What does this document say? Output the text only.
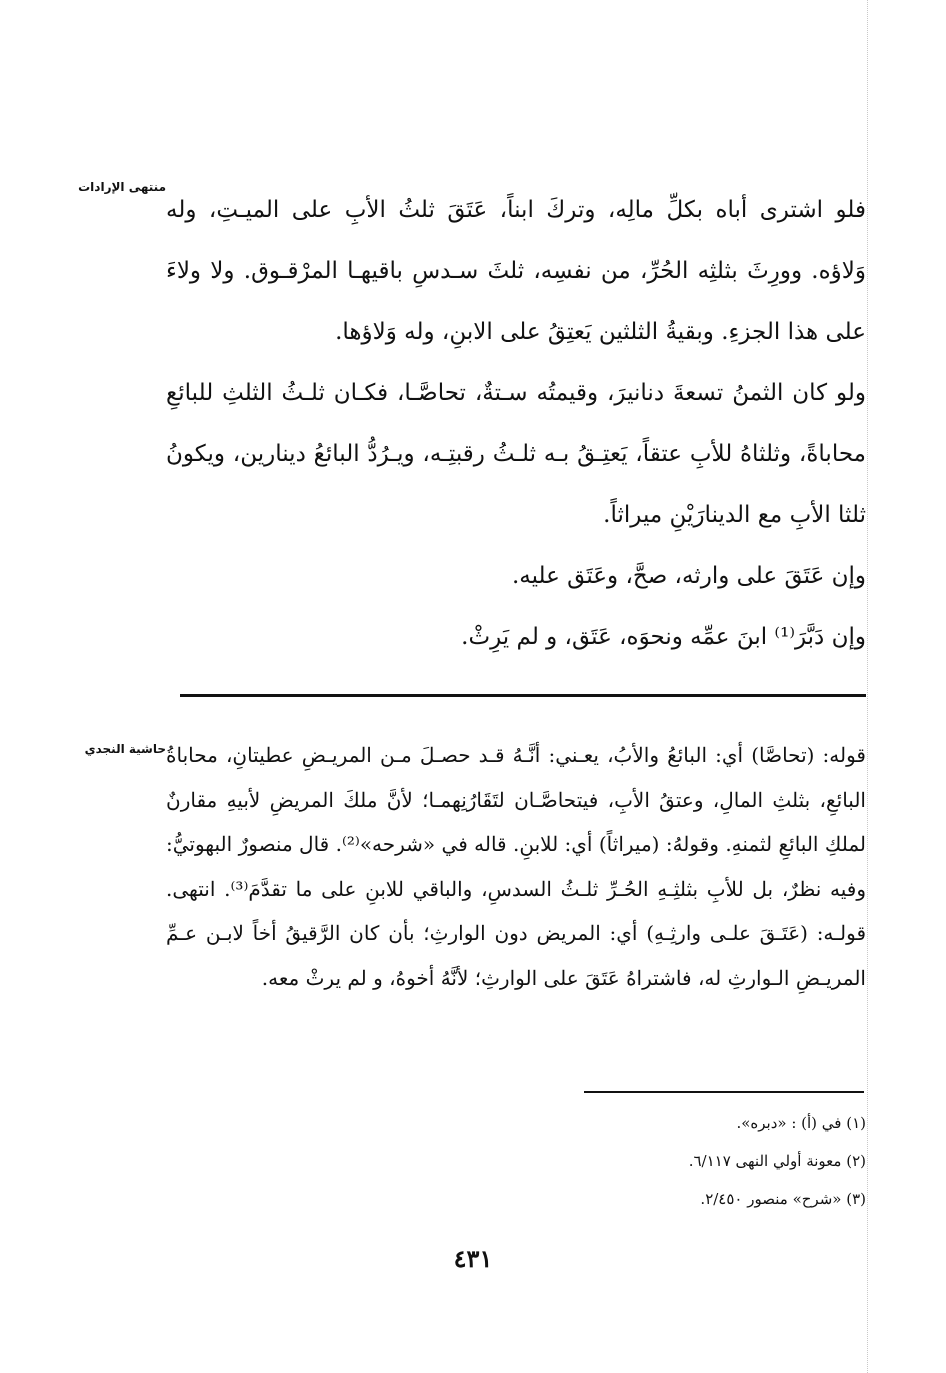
منتهى الإرادات

فلو اشترى أباه بكلِّ مالِه، وتركَ ابناً، عَتَقَ ثلثُ الأبِ على الميـتِ، وله وَلاؤه. وورِثَ بثلثِه الحُرِّ، من نفسِه، ثلثَ سـدسِ باقيهـا المرْقـوق. ولا ولاءَ على هذا الجزءِ. وبقيةُ الثلثين يَعتِقُ على الابنِ، وله وَلاؤها.

ولو كان الثمنُ تسعةَ دنانيرَ، وقيمتُه سـتةٌ، تحاصَّـا، فكـان ثلـثُ الثلثِ للبائعِ محاباةً، وثلثاهُ للأبِ عتقاً، يَعتِـقُ بـه ثلـثُ رقبتِـه، ويـرُدُّ البائعُ دينارين، ويكونُ ثلثا الأبِ مع الدينارَيْنِ ميراثاً.

وإن عَتَقَ على وارثه، صحَّ، وعَتَق عليه.

وإن دَبَّرَ⁽¹⁾ ابنَ عمِّه ونحوَه، عَتَق، و لم يَرِثْ.

حاشية النجدي قوله: (تحاصَّا) أي: البائعُ والأبُ، يعـني: أنَّـهُ قـد حصـلَ مـن المريـضِ عطيتانِ، محاباةُ البائعِ، بثلثِ المالِ، وعتقُ الأبِ، فيتحاصَّـان لتَقَارُنِهمـا؛ لأنَّ ملكَ المريضِ لأبيهِ مقارنٌ لملكِ البائعِ لثمنهِ. وقولهُ: (ميراثاً) أي: للابنِ. قاله في «شرحه»⁽²⁾. قال منصورٌ البهوتيُّ: وفيه نظرٌ، بل للأبِ بثلثِـهِ الحُـرِّ ثلـثُ السدسِ، والباقي للابنِ على ما تقدَّمَ⁽³⁾. انتهى. قولـه: (عَتَـقَ علـى وارثِـهِ) أي: المريض دون الوارثِ؛ بأن كان الرَّقيقُ أخاً لابـن عـمِّ المريـضِ الـوارثِ له، فاشتراهُ عَتَقَ على الوارثِ؛ لأنَّهُ أخوهُ، و لم يرثْ معه.

(١) في (أ) : «دبره».

(٢) معونة أولي النهى ٦/١١٧.

(٣) «شرح» منصور ٢/٤٥٠.

٤٣١
